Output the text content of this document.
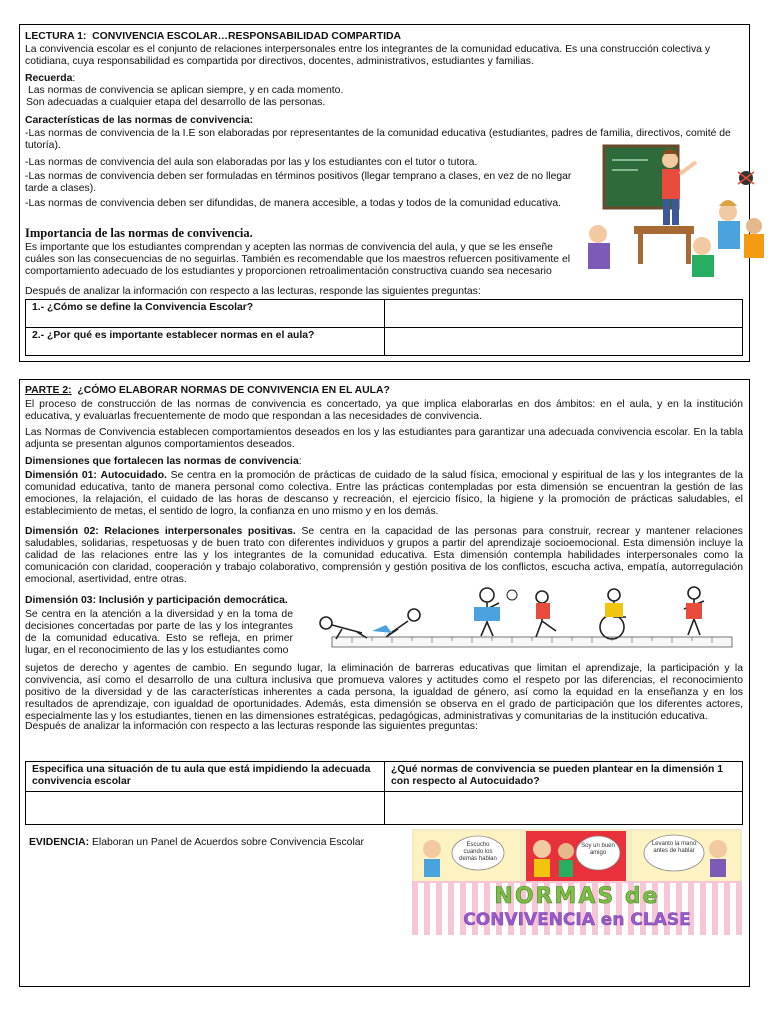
LECTURA 1: CONVIVENCIA ESCOLAR…RESPONSABILIDAD COMPARTIDA

La convivencia escolar es el conjunto de relaciones interpersonales entre los integrantes de la comunidad educativa. Es una construcción colectiva y cotidiana, cuya responsabilidad es compartida por directivos, docentes, administrativos, estudiantes y familias.

Recuerda:

Las normas de convivencia se aplican siempre, y en cada momento.

Son adecuadas a cualquier etapa del desarrollo de las personas.

Características de las normas de convivencia:

-Las normas de convivencia de la I.E son elaboradas por representantes de la comunidad educativa (estudiantes, padres de familia, directivos, comité de tutoría).

-Las normas de convivencia del aula son elaboradas por las y los estudiantes con el tutor o tutora.

-Las normas de convivencia deben ser formuladas en términos positivos (llegar temprano a clases, en vez de no llegar tarde a clases).

-Las normas de convivencia deben ser difundidas, de manera accesible, a todas y todos de la comunidad educativa.

Importancia de las normas de convivencia.

Es importante que los estudiantes comprendan y acepten las normas de convivencia del aula, y que se les enseñe cuáles son las consecuencias de no seguirlas. También es recomendable que los maestros refuercen positivamente el comportamiento adecuado de los estudiantes y proporcionen retroalimentación constructiva cuando sea necesario

Después de analizar la información con respecto a las lecturas, responde las siguientes preguntas:

1.- ¿Cómo se define la Convivencia Escolar?	
2.- ¿Por qué es importante establecer normas en el aula?	
PARTE 2: ¿CÓMO ELABORAR NORMAS DE CONVIVENCIA EN EL AULA?

El proceso de construcción de las normas de convivencia es concertado, ya que implica elaborarlas en dos ámbitos: en el aula, y en la institución educativa, y evaluarlas frecuentemente de modo que respondan a las necesidades de convivencia.

Las Normas de Convivencia establecen comportamientos deseados en los y las estudiantes para garantizar una adecuada convivencia escolar. En la tabla adjunta se presentan algunos comportamientos deseados.

Dimensiones que fortalecen las normas de convivencia:

Dimensión 01: Autocuidado. Se centra en la promoción de prácticas de cuidado de la salud física, emocional y espiritual de las y los integrantes de la comunidad educativa, tanto de manera personal como colectiva. Entre las prácticas contempladas por esta dimensión se encuentran la gestión de las emociones, la relajación, el cuidado de las horas de descanso y recreación, el ejercicio físico, la higiene y la promoción de prácticas saludables, el establecimiento de metas, el sentido de logro, la confianza en uno mismo y en los demás.

Dimensión 02: Relaciones interpersonales positivas. Se centra en la capacidad de las personas para construir, recrear y mantener relaciones saludables, solidarias, respetuosas y de buen trato con diferentes individuos y grupos a partir del aprendizaje socioemocional. Esta dimensión incluye la calidad de las relaciones entre las y los integrantes de la comunidad educativa. Esta dimensión contempla habilidades interpersonales como la comunicación con claridad, cooperación y trabajo colaborativo, comprensión y gestión positiva de los conflictos, escucha activa, empatía, autorregulación emocional, asertividad, entre otras.

Dimensión 03: Inclusión y participación democrática.

Se centra en la atención a la diversidad y en la toma de decisiones concertadas por parte de las y los integrantes de la comunidad educativa. Esto se refleja, en primer lugar, en el reconocimiento de las y los estudiantes como

sujetos de derecho y agentes de cambio. En segundo lugar, la eliminación de barreras educativas que limitan el aprendizaje, la participación y la convivencia, así como el desarrollo de una cultura inclusiva que promueva valores y actitudes como el respeto por las diferencias, el reconocimiento positivo de la diversidad y de las características inherentes a cada persona, la igualdad de género, así como la equidad en la enseñanza y en los resultados de aprendizaje, con igualdad de oportunidades. Además, esta dimensión se observa en el grado de participación que los diferentes actores, especialmente las y los estudiantes, tienen en las dimensiones estratégicas, pedagógicas, administrativas y comunitarias de la institución educativa.

Después de analizar la información con respecto a las lecturas responde las siguientes preguntas:

Especifica una situación de tu aula que está impidiendo la adecuada convivencia escolar	¿Qué normas de convivencia se pueden plantear en la dimensión 1 con respecto al Autocuidado?

EVIDENCIA: Elaboran un Panel de Acuerdos sobre Convivencia Escolar	Escucho cuando los demás hablan
Soy un buen amigo
Levanto la mano antes de hablar
NORMAS de
CONVIVENCIA en CLASE
